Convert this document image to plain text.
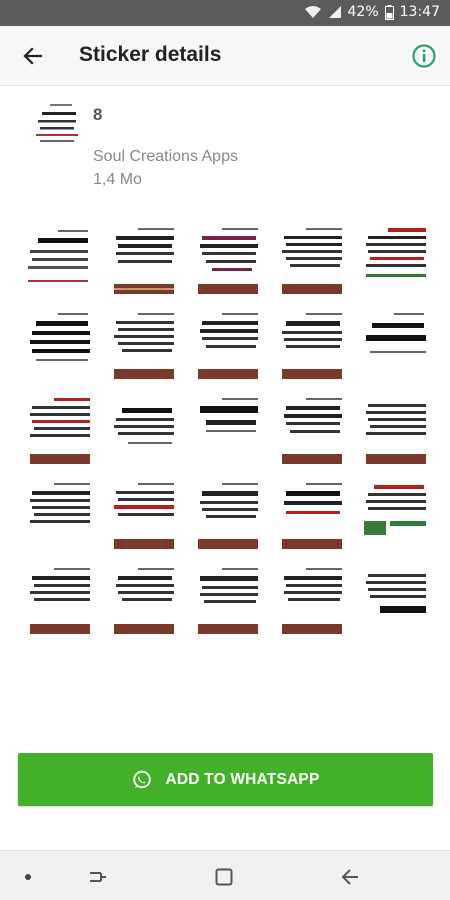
42% 13:47
Sticker details
8
Soul Creations Apps
1,4 Mo
ADD TO WHATSAPP
